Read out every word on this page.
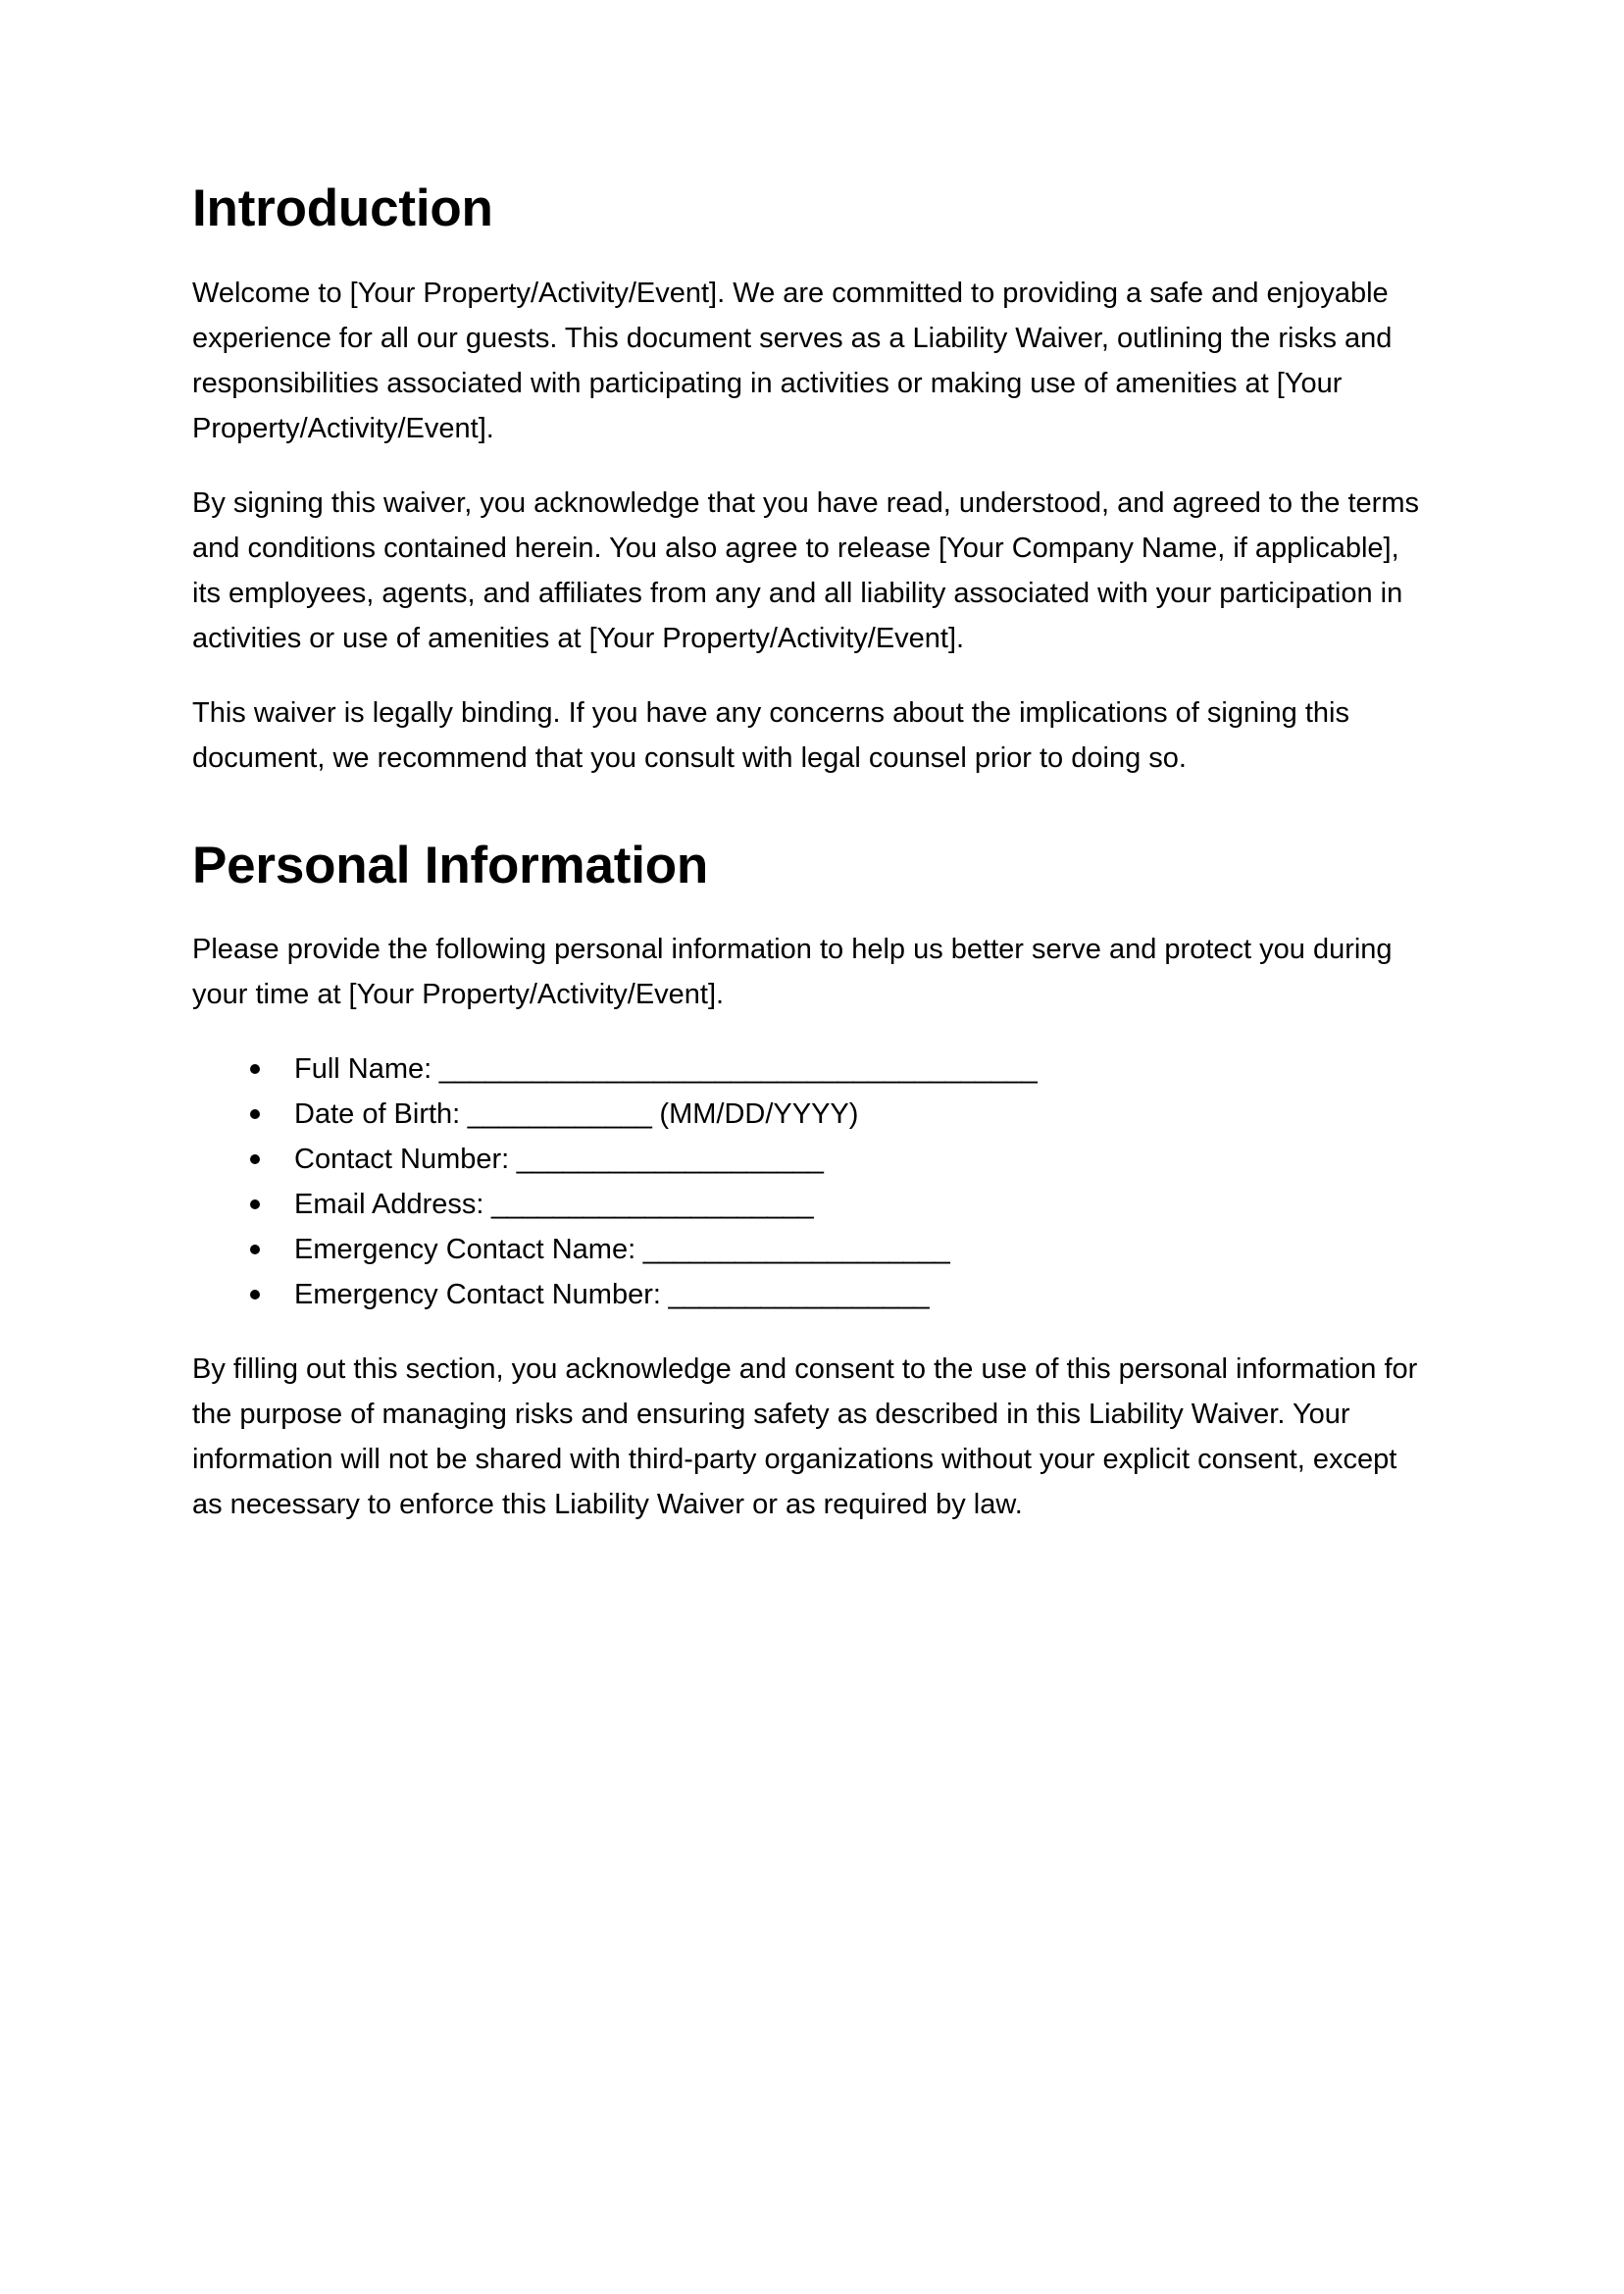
Introduction

Welcome to [Your Property/Activity/Event]. We are committed to providing a safe and enjoyable experience for all our guests. This document serves as a Liability Waiver, outlining the risks and responsibilities associated with participating in activities or making use of amenities at [Your Property/Activity/Event].

By signing this waiver, you acknowledge that you have read, understood, and agreed to the terms and conditions contained herein. You also agree to release [Your Company Name, if applicable], its employees, agents, and affiliates from any and all liability associated with your participation in activities or use of amenities at [Your Property/Activity/Event].

This waiver is legally binding. If you have any concerns about the implications of signing this document, we recommend that you consult with legal counsel prior to doing so.

Personal Information

Please provide the following personal information to help us better serve and protect you during your time at [Your Property/Activity/Event].

Full Name: _______________________________________
Date of Birth: ____________ (MM/DD/YYYY)
Contact Number: ____________________
Email Address: _____________________
Emergency Contact Name: ____________________
Emergency Contact Number: _________________

By filling out this section, you acknowledge and consent to the use of this personal information for the purpose of managing risks and ensuring safety as described in this Liability Waiver. Your information will not be shared with third-party organizations without your explicit consent, except as necessary to enforce this Liability Waiver or as required by law.
